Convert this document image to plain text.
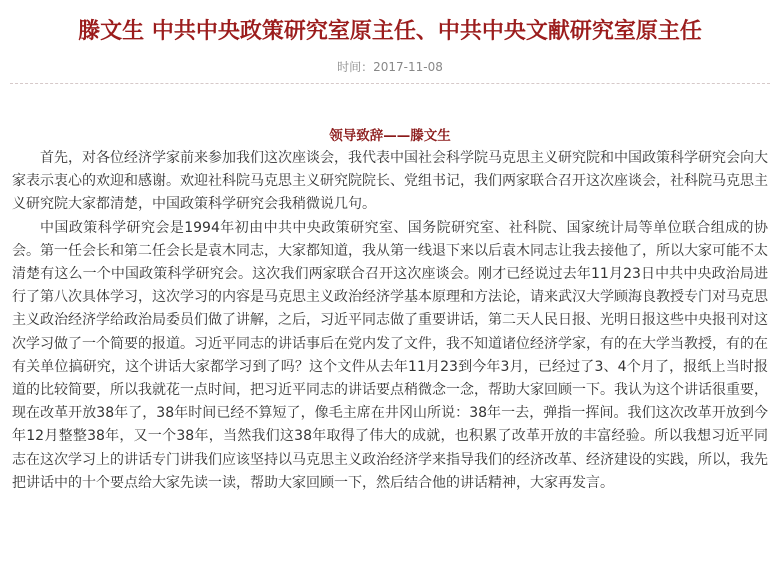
滕文生 中共中央政策研究室原主任、中共中央文献研究室原主任
时间：2017-11-08
领导致辞——滕文生

首先，对各位经济学家前来参加我们这次座谈会，我代表中国社会科学院马克思主义研究院和中国政策科学研究会向大家表示衷心的欢迎和感谢。欢迎社科院马克思主义研究院院长、党组书记，我们两家联合召开这次座谈会，社科院马克思主义研究院大家都清楚，中国政策科学研究会我稍微说几句。

中国政策科学研究会是1994年初由中共中央政策研究室、国务院研究室、社科院、国家统计局等单位联合组成的协会。第一任会长和第二任会长是袁木同志，大家都知道，我从第一线退下来以后袁木同志让我去接他了，所以大家可能不太清楚有这么一个中国政策科学研究会。这次我们两家联合召开这次座谈会。刚才已经说过去年11月23日中共中央政治局进行了第八次具体学习，这次学习的内容是马克思主义政治经济学基本原理和方法论，请来武汉大学顾海良教授专门对马克思主义政治经济学给政治局委员们做了讲解，之后，习近平同志做了重要讲话，第二天人民日报、光明日报这些中央报刊对这次学习做了一个简要的报道。习近平同志的讲话事后在党内发了文件，我不知道诸位经济学家，有的在大学当教授，有的在有关单位搞研究，这个讲话大家都学习到了吗？这个文件从去年11月23到今年3月，已经过了3、4个月了，报纸上当时报道的比较简要，所以我就花一点时间，把习近平同志的讲话要点稍微念一念，帮助大家回顾一下。我认为这个讲话很重要，现在改革开放38年了，38年时间已经不算短了，像毛主席在井冈山所说：38年一去，弹指一挥间。我们这次改革开放到今年12月整整38年，又一个38年，当然我们这38年取得了伟大的成就，也积累了改革开放的丰富经验。所以我想习近平同志在这次学习上的讲话专门讲我们应该坚持以马克思主义政治经济学来指导我们的经济改革、经济建设的实践，所以，我先把讲话中的十个要点给大家先读一读，帮助大家回顾一下，然后结合他的讲话精神，大家再发言。
